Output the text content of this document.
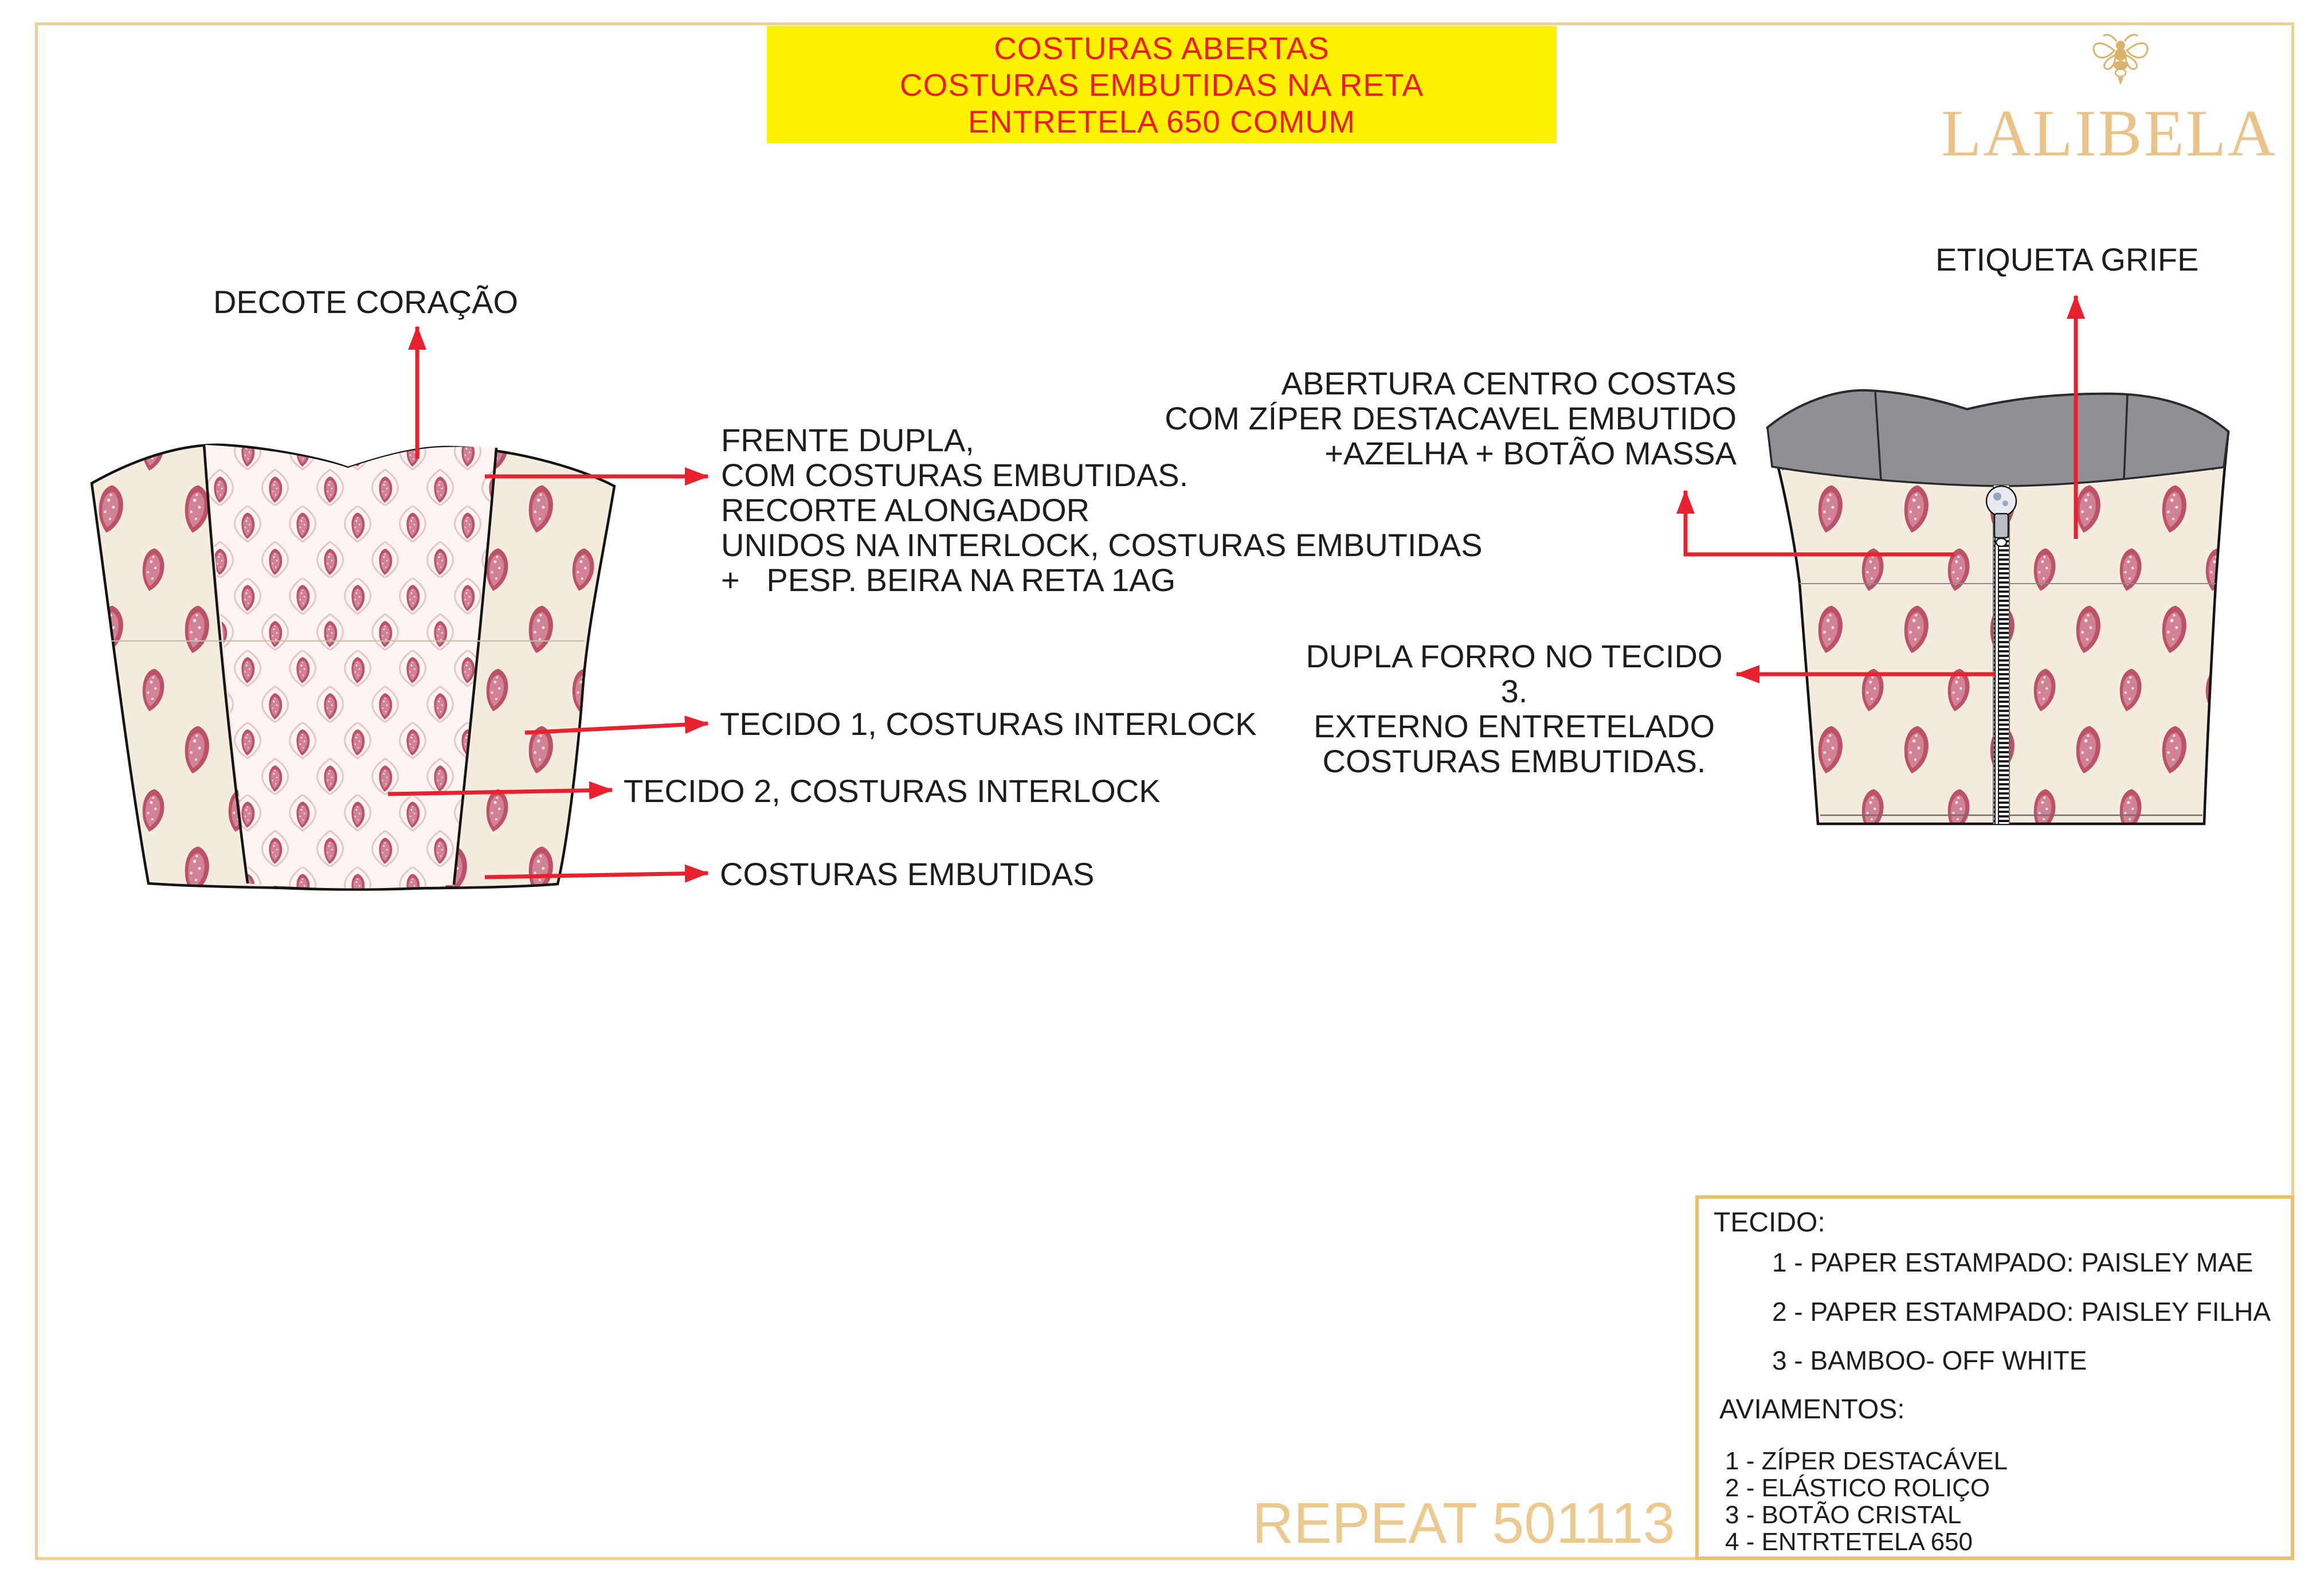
COSTURAS ABERTAS
COSTURAS EMBUTIDAS NA RETA
ENTRETELA 650 COMUM	LALIBELA
DECOTE CORAÇÃO
FRENTE DUPLA,
COM COSTURAS EMBUTIDAS.
RECORTE ALONGADOR
UNIDOS NA INTERLOCK, COSTURAS EMBUTIDAS
+   PESP. BEIRA NA RETA 1AG
TECIDO 1, COSTURAS INTERLOCK
TECIDO 2, COSTURAS INTERLOCK
COSTURAS EMBUTIDAS
ABERTURA CENTRO COSTAS
COM ZÍPER DESTACAVEL EMBUTIDO
+AZELHA + BOTÃO MASSA
DUPLA FORRO NO TECIDO 3.
EXTERNO ENTRETELADO
COSTURAS EMBUTIDAS.
ETIQUETA GRIFE
TECIDO:
1 - PAPER ESTAMPADO: PAISLEY MAE
2 - PAPER ESTAMPADO: PAISLEY FILHA
3 - BAMBOO- OFF WHITE
AVIAMENTOS:
1 - ZÍPER DESTACÁVEL
2 - ELÁSTICO ROLIÇO
3 - BOTÃO CRISTAL
4 - ENTRTETELA 650
REPEAT 501113
